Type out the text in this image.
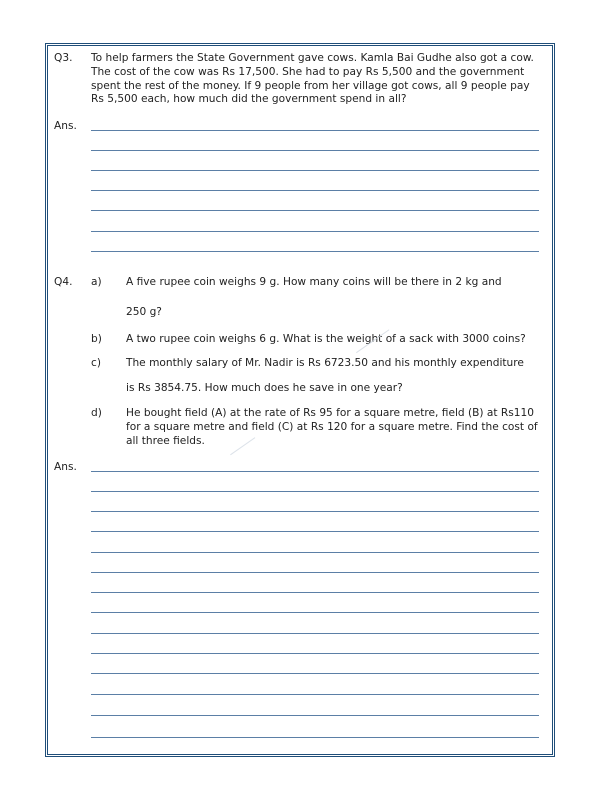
Q3. To help farmers the State Government gave cows. Kamla Bai Gudhe also got a cow.
The cost of the cow was Rs 17,500. She had to pay Rs 5,500 and the government
spent the rest of the money. If 9 people from her village got cows, all 9 people pay
Rs 5,500 each, how much did the government spend in all?
Ans.
Q4. a) A five rupee coin weighs 9 g. How many coins will be there in 2 kg and
250 g?
b) A two rupee coin weighs 6 g. What is the weight of a sack with 3000 coins?
c) The monthly salary of Mr. Nadir is Rs 6723.50 and his monthly expenditure
is Rs 3854.75. How much does he save in one year?
d) He bought field (A) at the rate of Rs 95 for a square metre, field (B) at Rs110
for a square metre and field (C) at Rs 120 for a square metre. Find the cost of
all three fields.
Ans.
